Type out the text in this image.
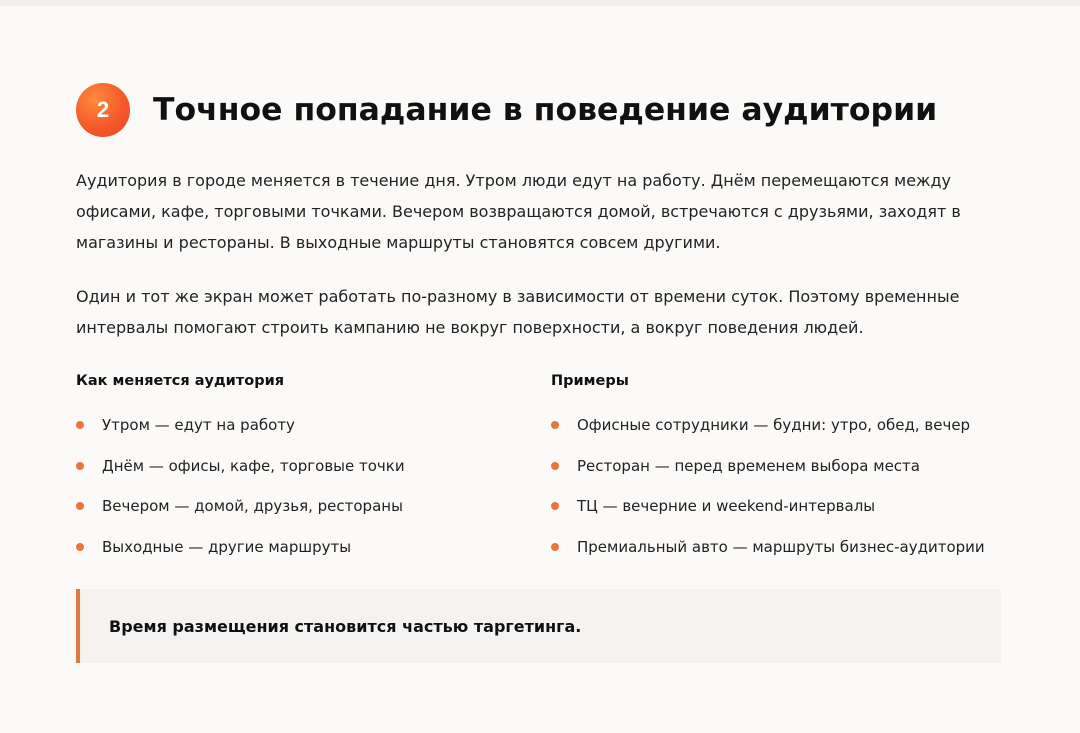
2	Точное попадание в поведение аудитории

Аудитория в городе меняется в течение дня. Утром люди едут на работу. Днём перемещаются между офисами, кафе, торговыми точками. Вечером возвращаются домой, встречаются с друзьями, заходят в магазины и рестораны. В выходные маршруты становятся совсем другими.

Один и тот же экран может работать по-разному в зависимости от времени суток. Поэтому временные интервалы помогают строить кампанию не вокруг поверхности, а вокруг поведения людей.

Как меняется аудитория
Утром — едут на работу
Днём — офисы, кафе, торговые точки
Вечером — домой, друзья, рестораны
Выходные — другие маршруты
Примеры
Офисные сотрудники — будни: утро, обед, вечер
Ресторан — перед временем выбора места
ТЦ — вечерние и weekend-интервалы
Премиальный авто — маршруты бизнес-аудитории
Время размещения становится частью таргетинга.
